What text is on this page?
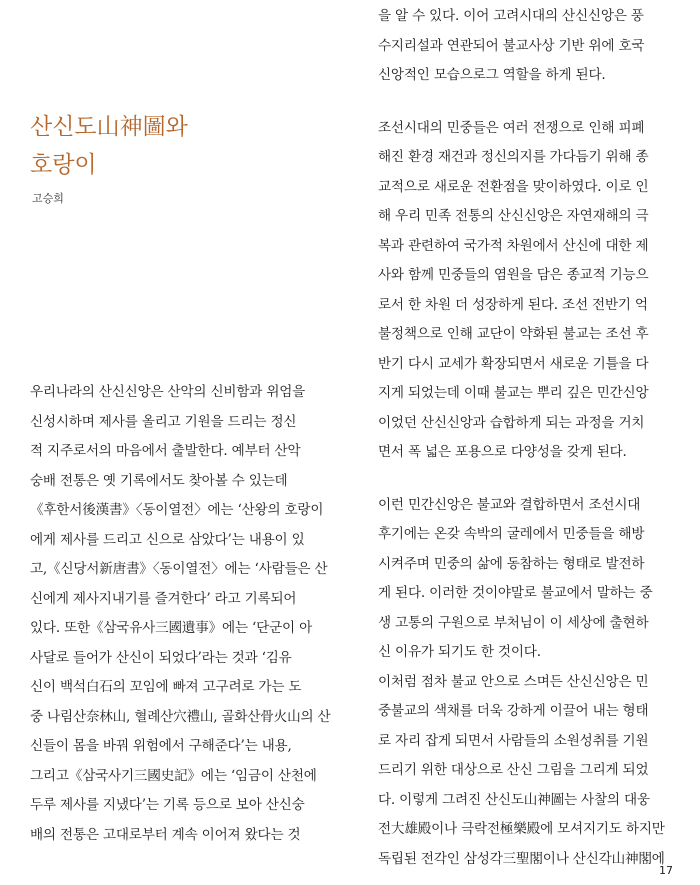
산신도山神圖와
호랑이
고승희

우리나라의 산신신앙은 산악의 신비함과 위엄을
신성시하며 제사를 올리고 기원을 드리는 정신
적 지주로서의 마음에서 출발한다. 예부터 산악
숭배 전통은 옛 기록에서도 찾아볼 수 있는데
《후한서後漢書》〈동이열전〉에는 ‘산왕의 호랑이
에게 제사를 드리고 신으로 삼았다’는 내용이 있
고,《신당서新唐書》〈동이열전〉에는 ‘사람들은 산
신에게 제사지내기를 즐겨한다’ 라고 기록되어
있다. 또한《삼국유사三國遺事》에는 ‘단군이 아
사달로 들어가 산신이 되었다’라는 것과 ‘김유
신이 백석白石의 꼬임에 빠져 고구려로 가는 도
중 나림산奈林山, 혈례산穴禮山, 골화산骨火山의 산
신들이 몸을 바꿔 위험에서 구해준다’는 내용,
그리고《삼국사기三國史記》에는 ‘임금이 산천에
두루 제사를 지냈다’는 기록 등으로 보아 산신숭
배의 전통은 고대로부터 계속 이어져 왔다는 것

을 알 수 있다. 이어 고려시대의 산신신앙은 풍
수지리설과 연관되어 불교사상 기반 위에 호국
신앙적인 모습으로그 역할을 하게 된다.

조선시대의 민중들은 여러 전쟁으로 인해 피폐
해진 환경 재건과 정신의지를 가다듬기 위해 종
교적으로 새로운 전환점을 맞이하였다. 이로 인
해 우리 민족 전통의 산신신앙은 자연재해의 극
복과 관련하여 국가적 차원에서 산신에 대한 제
사와 함께 민중들의 염원을 담은 종교적 기능으
로서 한 차원 더 성장하게 된다. 조선 전반기 억
불정책으로 인해 교단이 약화된 불교는 조선 후
반기 다시 교세가 확장되면서 새로운 기틀을 다
지게 되었는데 이때 불교는 뿌리 깊은 민간신앙
이었던 산신신앙과 습합하게 되는 과정을 거치
면서 폭 넓은 포용으로 다양성을 갖게 된다.

이런 민간신앙은 불교와 결합하면서 조선시대
후기에는 온갖 속박의 굴레에서 민중들을 해방
시켜주며 민중의 삶에 동참하는 형태로 발전하
게 된다. 이러한 것이야말로 불교에서 말하는 중
생 고통의 구원으로 부처님이 이 세상에 출현하
신 이유가 되기도 한 것이다.
이처럼 점차 불교 안으로 스며든 산신신앙은 민
중불교의 색채를 더욱 강하게 이끌어 내는 형태
로 자리 잡게 되면서 사람들의 소원성취를 기원
드리기 위한 대상으로 산신 그림을 그리게 되었
다. 이렇게 그려진 산신도山神圖는 사찰의 대웅
전大雄殿이나 극락전極樂殿에 모셔지기도 하지만
독립된 전각인 삼성각三聖閣이나 산신각山神閣에

17
